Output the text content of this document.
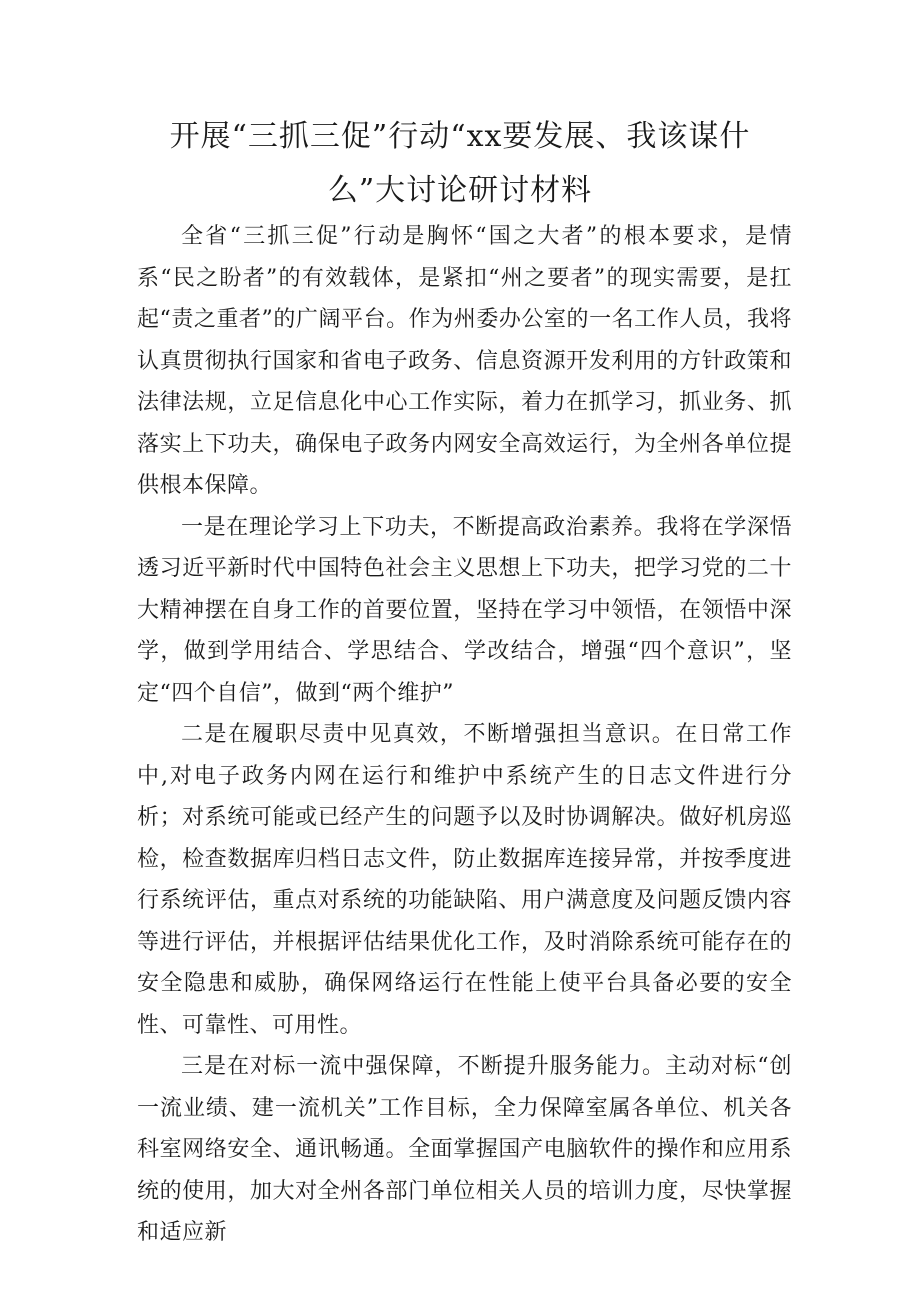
开展“三抓三促”行动“xx要发展、我该谋什
么”大讨论研讨材料

全省“三抓三促”行动是胸怀“国之大者”的根本要求，是情系“民之盼者”的有效载体，是紧扣“州之要者”的现实需要，是扛起“责之重者”的广阔平台。作为州委办公室的一名工作人员，我将认真贯彻执行国家和省电子政务、信息资源开发利用的方针政策和法律法规，立足信息化中心工作实际，着力在抓学习，抓业务、抓落实上下功夫，确保电子政务内网安全高效运行，为全州各单位提供根本保障。

一是在理论学习上下功夫，不断提高政治素养。我将在学深悟透习近平新时代中国特色社会主义思想上下功夫，把学习党的二十大精神摆在自身工作的首要位置，坚持在学习中领悟，在领悟中深学，做到学用结合、学思结合、学改结合，增强“四个意识”，坚定“四个自信”，做到“两个维护”

二是在履职尽责中见真效，不断增强担当意识。在日常工作中,对电子政务内网在运行和维护中系统产生的日志文件进行分析；对系统可能或已经产生的问题予以及时协调解决。做好机房巡检，检查数据库归档日志文件，防止数据库连接异常，并按季度进行系统评估，重点对系统的功能缺陷、用户满意度及问题反馈内容等进行评估，并根据评估结果优化工作，及时消除系统可能存在的安全隐患和威胁，确保网络运行在性能上使平台具备必要的安全性、可靠性、可用性。

三是在对标一流中强保障，不断提升服务能力。主动对标“创一流业绩、建一流机关”工作目标，全力保障室属各单位、机关各科室网络安全、通讯畅通。全面掌握国产电脑软件的操作和应用系统的使用，加大对全州各部门单位相关人员的培训力度，尽快掌握和适应新
